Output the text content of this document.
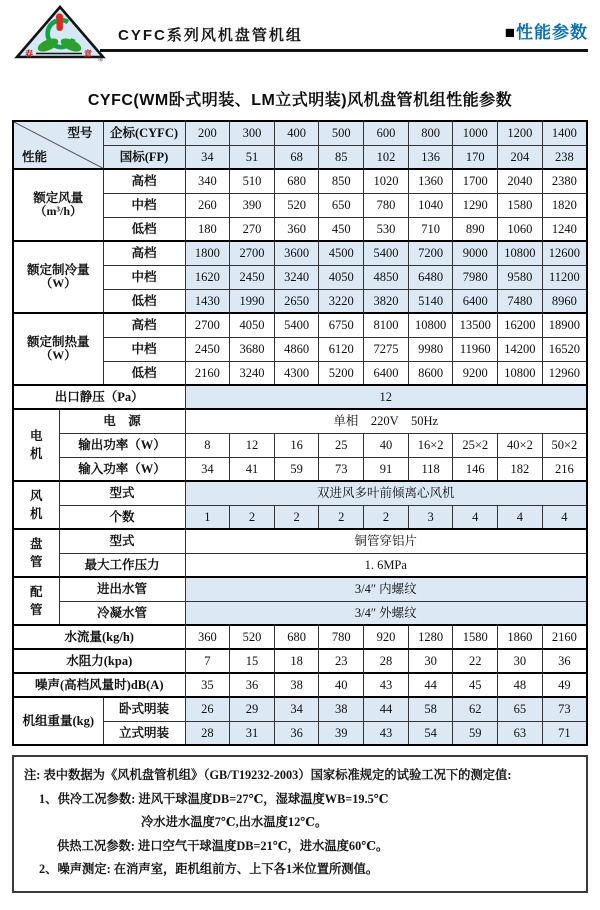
春	意
®
CYFC系列风机盘管机组	■性能参数
CYFC(WM卧式明装、LM立式明装)风机盘管机组性能参数
型号
性能		企标(CYFC)	200	300	400	500	600	800	1000	1200	1400
		国标(FP)	34	51	68	85	102	136	170	204	238

额定风量
（m³/h）		高档	340	510	680	850	1020	1360	1700	2040	2380
		中档	260	390	520	650	780	1040	1290	1580	1820
		低档	180	270	360	450	530	710	890	1060	1240

额定制冷量
（W）		高档	1800	2700	3600	4500	5400	7200	9000	10800	12600
		中档	1620	2450	3240	4050	4850	6480	7980	9580	11200
		低档	1430	1990	2650	3220	3820	5140	6400	7480	8960

额定制热量
（W）		高档	2700	4050	5400	6750	8100	10800	13500	16200	18900
		中档	2450	3680	4860	6120	7275	9980	11960	14200	16520
		低档	2160	3240	4300	5200	6400	8600	9200	10800	12960
出口静压（Pa）			12								

电
机	电　源		单相　220V　50Hz								
	输出功率（W）		8	12	16	25	40	16×2	25×2	40×2	50×2
	输入功率（W）		34	41	59	73	91	118	146	182	216

风
机	型式		双进风多叶前倾离心风机								
	个数		1	2	2	2	2	3	4	4	4

盘
管	型式		铜管穿铝片								
	最大工作压力		1. 6MPa								

配
管	进出水管		3/4″ 内螺纹								
	冷凝水管		3/4″ 外螺纹								
水流量(kg/h)			360	520	680	780	920	1280	1580	1860	2160
水阻力(kpa)			7	15	18	23	28	30	22	30	36
噪声(高档风量时)dB(A)			35	36	38	40	43	44	45	48	49

机组重量(kg)		卧式明装	26	29	34	38	44	58	62	65	73
		立式明装	28	31	36	39	43	54	59	63	71
注: 表中数据为《风机盘管机组》（GB/T19232-2003）国家标准规定的试验工况下的测定值:
1、供冷工况参数: 进风干球温度DB=27℃，湿球温度WB=19.5℃
冷水进水温度7℃,出水温度12℃。
供热工况参数: 进口空气干球温度DB=21℃，进水温度60℃。
2、噪声测定: 在消声室，距机组前方、上下各1米位置所测值。
